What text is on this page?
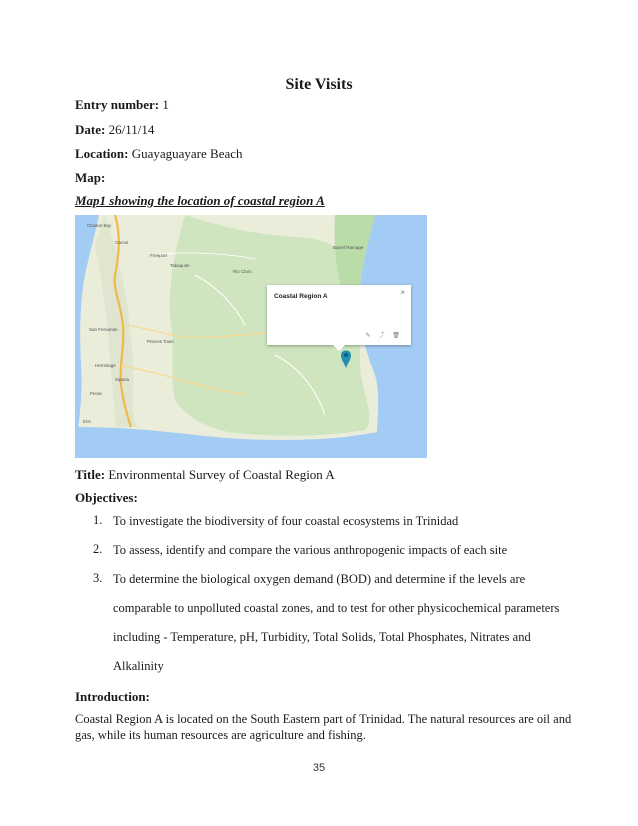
Site Visits
Entry number: 1
Date: 26/11/14
Location: Guayaguayare Beach
Map:
Map1 showing the location of coastal region A
Claxton Bay
Caroni
Freeport
Tabaquite
Rio Claro
Barrel Ramage
San Fernando
Princes Town
Hermitage
Siparia
Penal
Erin
Coastal Region A	×
✎ ⤴ 🗑
Title: Environmental Survey of Coastal Region A
Objectives:
1. To investigate the biodiversity of four coastal ecosystems in Trinidad
2. To assess, identify and compare the various anthropogenic impacts of each site
3. To determine the biological oxygen demand (BOD) and determine if the levels are
comparable to unpolluted coastal zones, and to test for other physicochemical parameters
including - Temperature, pH, Turbidity, Total Solids, Total Phosphates, Nitrates and
Alkalinity
Introduction:
Coastal Region A is located on the South Eastern part of Trinidad. The natural resources are oil and gas, while its human resources are agriculture and fishing.
35
